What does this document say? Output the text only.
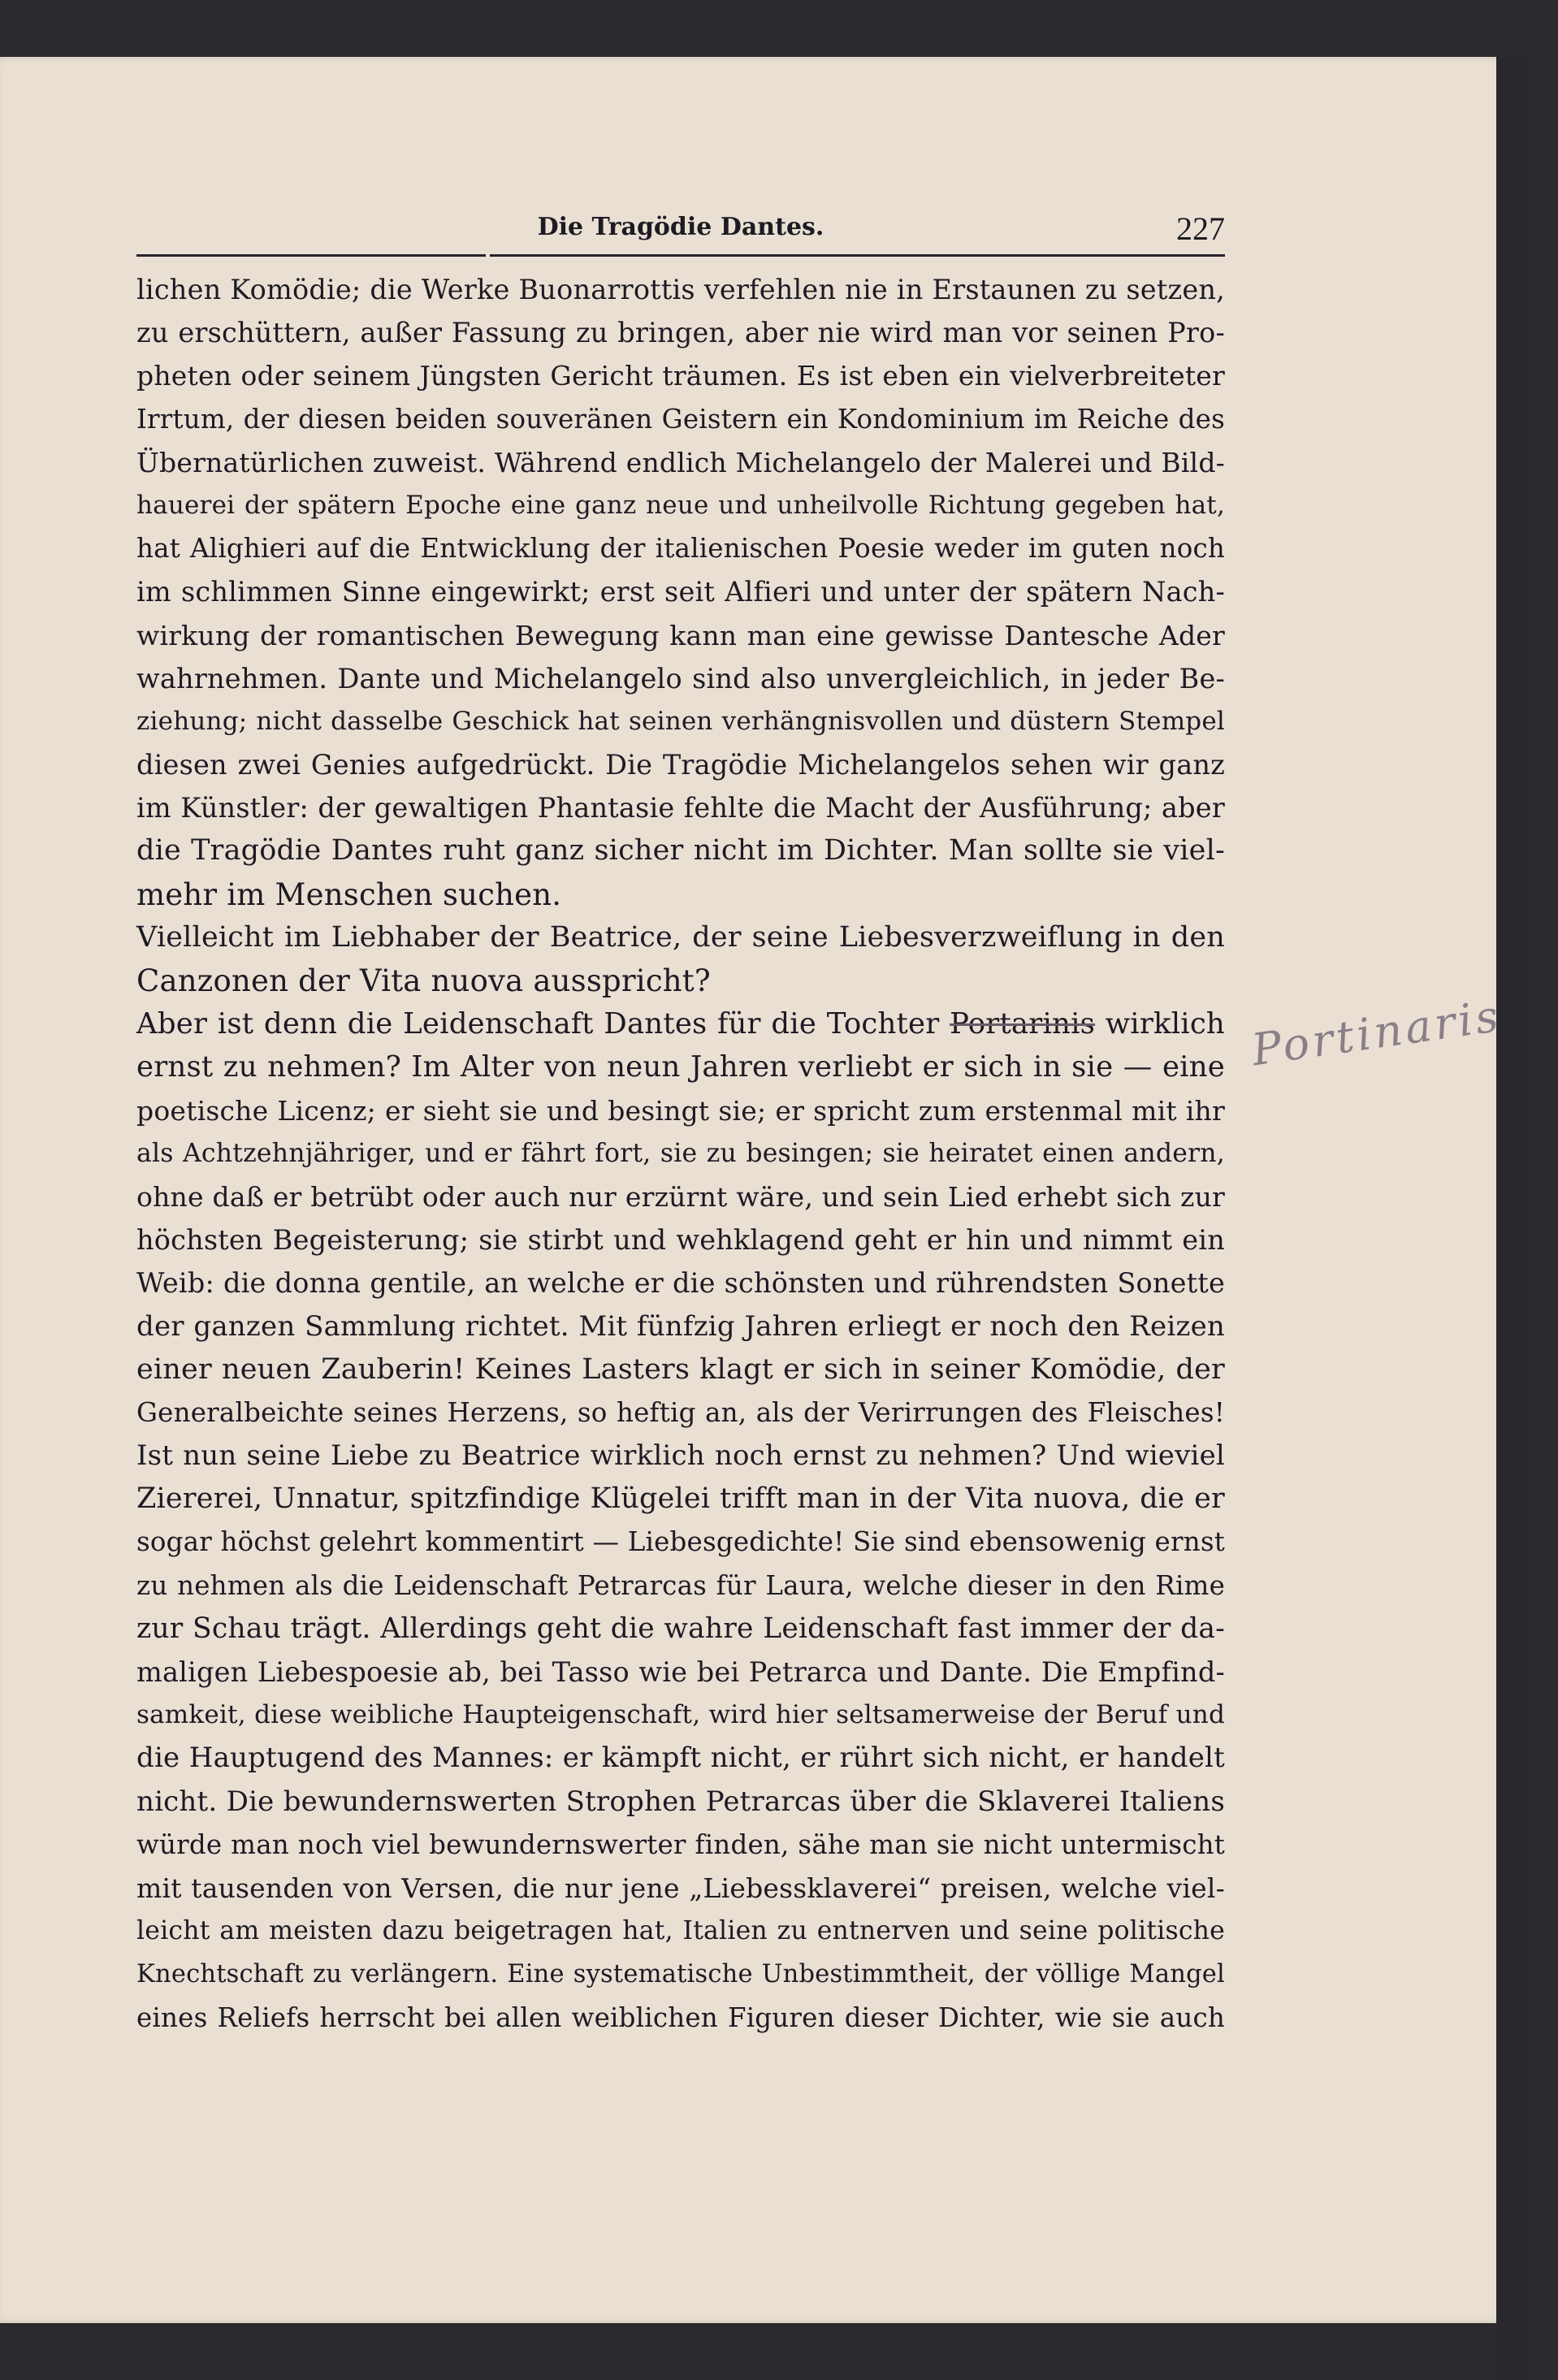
Die Tragödie Dantes.	227
lichen Komödie; die Werke Buonarrottis verfehlen nie in Erstaunen zu setzen,
zu erschüttern, außer Fassung zu bringen, aber nie wird man vor seinen Pro-
pheten oder seinem Jüngsten Gericht träumen. Es ist eben ein vielverbreiteter
Irrtum, der diesen beiden souveränen Geistern ein Kondominium im Reiche des
Übernatürlichen zuweist. Während endlich Michelangelo der Malerei und Bild-
hauerei der spätern Epoche eine ganz neue und unheilvolle Richtung gegeben hat,
hat Alighieri auf die Entwicklung der italienischen Poesie weder im guten noch
im schlimmen Sinne eingewirkt; erst seit Alfieri und unter der spätern Nach-
wirkung der romantischen Bewegung kann man eine gewisse Dantesche Ader
wahrnehmen. Dante und Michelangelo sind also unvergleichlich, in jeder Be-
ziehung; nicht dasselbe Geschick hat seinen verhängnisvollen und düstern Stempel
diesen zwei Genies aufgedrückt. Die Tragödie Michelangelos sehen wir ganz
im Künstler: der gewaltigen Phantasie fehlte die Macht der Ausführung; aber
die Tragödie Dantes ruht ganz sicher nicht im Dichter. Man sollte sie viel-
mehr im Menschen suchen.
Vielleicht im Liebhaber der Beatrice, der seine Liebesverzweiflung in den
Canzonen der Vita nuova ausspricht?
Aber ist denn die Leidenschaft Dantes für die Tochter Portarinis wirklich
ernst zu nehmen? Im Alter von neun Jahren verliebt er sich in sie — eine
poetische Licenz; er sieht sie und besingt sie; er spricht zum erstenmal mit ihr
als Achtzehnjähriger, und er fährt fort, sie zu besingen; sie heiratet einen andern,
ohne daß er betrübt oder auch nur erzürnt wäre, und sein Lied erhebt sich zur
höchsten Begeisterung; sie stirbt und wehklagend geht er hin und nimmt ein
Weib: die donna gentile, an welche er die schönsten und rührendsten Sonette
der ganzen Sammlung richtet. Mit fünfzig Jahren erliegt er noch den Reizen
einer neuen Zauberin! Keines Lasters klagt er sich in seiner Komödie, der
Generalbeichte seines Herzens, so heftig an, als der Verirrungen des Fleisches!
Ist nun seine Liebe zu Beatrice wirklich noch ernst zu nehmen? Und wieviel
Ziererei, Unnatur, spitzfindige Klügelei trifft man in der Vita nuova, die er
sogar höchst gelehrt kommentirt — Liebesgedichte! Sie sind ebensowenig ernst
zu nehmen als die Leidenschaft Petrarcas für Laura, welche dieser in den Rime
zur Schau trägt. Allerdings geht die wahre Leidenschaft fast immer der da-
maligen Liebespoesie ab, bei Tasso wie bei Petrarca und Dante. Die Empfind-
samkeit, diese weibliche Haupteigenschaft, wird hier seltsamerweise der Beruf und
die Hauptugend des Mannes: er kämpft nicht, er rührt sich nicht, er handelt
nicht. Die bewundernswerten Strophen Petrarcas über die Sklaverei Italiens
würde man noch viel bewundernswerter finden, sähe man sie nicht untermischt
mit tausenden von Versen, die nur jene „Liebessklaverei“ preisen, welche viel-
leicht am meisten dazu beigetragen hat, Italien zu entnerven und seine politische
Knechtschaft zu verlängern. Eine systematische Unbestimmtheit, der völlige Mangel
eines Reliefs herrscht bei allen weiblichen Figuren dieser Dichter, wie sie auch
Portinaris
